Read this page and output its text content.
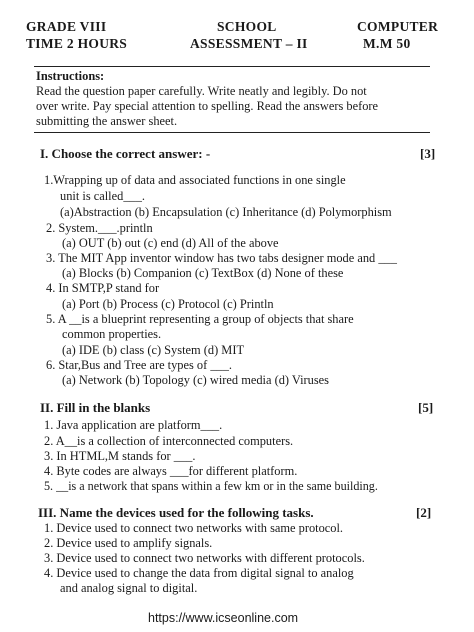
GRADE VIII
TIME 2 HOURS
SCHOOL
ASSESSMENT – II
COMPUTER
M.M 50
Instructions:
Read the question paper carefully. Write neatly and legibly. Do not
over write. Pay special attention to spelling. Read the answers before
submitting the answer sheet.
I. Choose the correct answer: -	[3]
1.Wrapping up of data and associated functions in one single
unit is called___.
(a)Abstraction (b) Encapsulation (c) Inheritance (d) Polymorphism
2. System.___.println
(a) OUT (b) out (c) end (d) All of the above
3. The MIT App inventor window has two tabs designer mode and ___
(a) Blocks (b) Companion (c) TextBox (d) None of these
4. In SMTP,P stand for
(a) Port (b) Process (c) Protocol (c) Println
5. A __is a blueprint representing a group of objects that share
common properties.
(a) IDE (b) class (c) System (d) MIT
6. Star,Bus and Tree are types of ___.
(a) Network (b) Topology (c) wired media (d) Viruses
II. Fill in the blanks	[5]
1. Java application are platform___.
2. A__is a collection of interconnected computers.
3. In HTML,M stands for ___.
4. Byte codes are always ___for different platform.
5. __is a network that spans within a few km or in the same building.
III. Name the devices used for the following tasks.	[2]
1. Device used to connect two networks with same protocol.
2. Device used to amplify signals.
3. Device used to connect two networks with different protocols.
4. Device used to change the data from digital signal to analog
and analog signal to digital.
https://www.icseonline.com
